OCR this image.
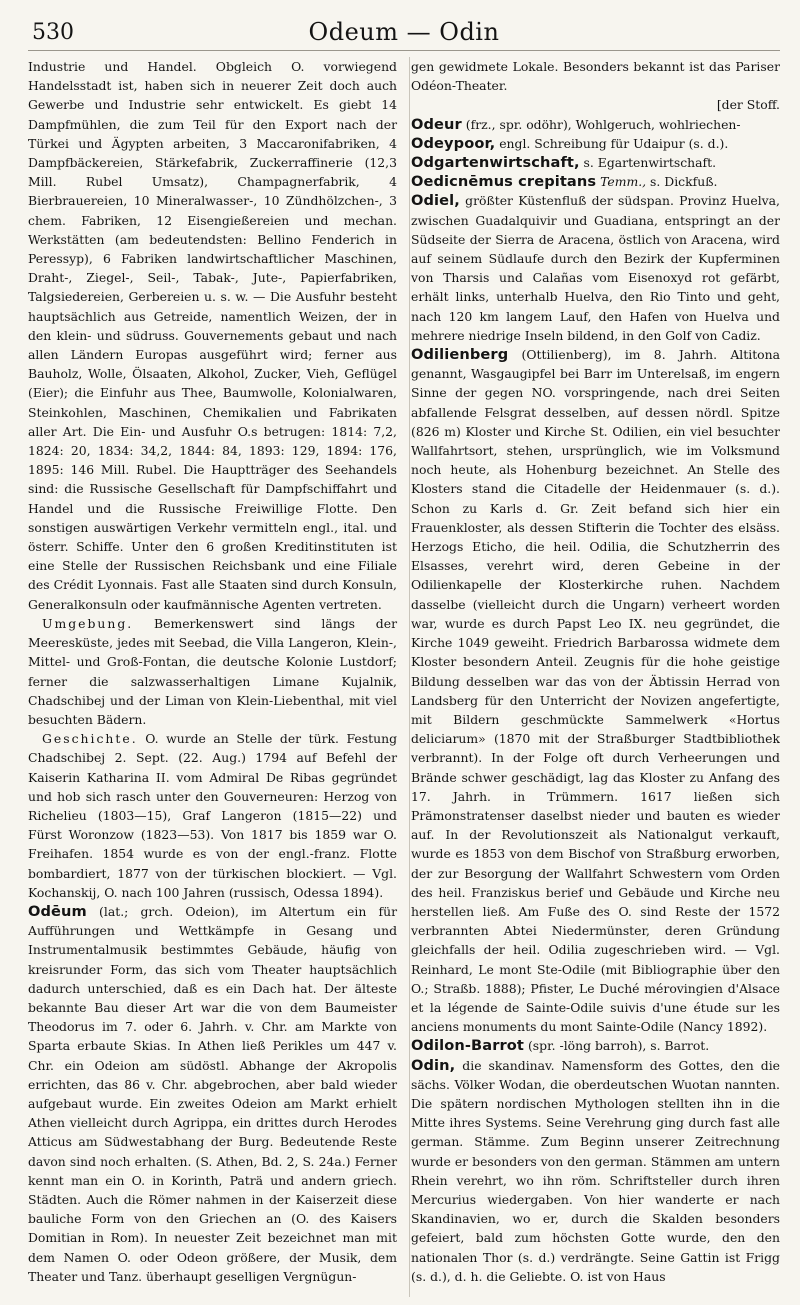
530	Odeum — Odin

Industrie und Handel. Obgleich O. vorwiegend Handelsstadt ist, haben sich in neuerer Zeit doch auch Gewerbe und Industrie sehr entwickelt. Es giebt 14 Dampfmühlen, die zum Teil für den Export nach der Türkei und Ägypten arbeiten, 3 Maccaronifabriken, 4 Dampfbäckereien, Stärkefabrik, Zuckerraffinerie (12,3 Mill. Rubel Umsatz), Champagnerfabrik, 4 Bierbrauereien, 10 Mineralwasser-, 10 Zündhölzchen-, 3 chem. Fabriken, 12 Eisengießereien und mechan. Werkstätten (am bedeutendsten: Bellino Fenderich in Peressyp), 6 Fabriken landwirtschaftlicher Maschinen, Draht-, Ziegel-, Seil-, Tabak-, Jute-, Papierfabriken, Talgsiedereien, Gerbereien u. s. w. — Die Ausfuhr besteht hauptsächlich aus Getreide, namentlich Weizen, der in den klein- und südruss. Gouvernements gebaut und nach allen Ländern Europas ausgeführt wird; ferner aus Bauholz, Wolle, Ölsaaten, Alkohol, Zucker, Vieh, Geflügel (Eier); die Einfuhr aus Thee, Baumwolle, Kolonialwaren, Steinkohlen, Maschinen, Chemikalien und Fabrikaten aller Art. Die Ein- und Ausfuhr O.s betrugen: 1814: 7,2, 1824: 20, 1834: 34,2, 1844: 84, 1893: 129, 1894: 176, 1895: 146 Mill. Rubel. Die Hauptträger des Seehandels sind: die Russische Gesellschaft für Dampfschiffahrt und Handel und die Russische Freiwillige Flotte. Den sonstigen auswärtigen Verkehr vermitteln engl., ital. und österr. Schiffe. Unter den 6 großen Kreditinstituten ist eine Stelle der Russischen Reichsbank und eine Filiale des Crédit Lyonnais. Fast alle Staaten sind durch Konsuln, Generalkonsuln oder kaufmännische Agenten vertreten.

Umgebung. Bemerkenswert sind längs der Meeresküste, jedes mit Seebad, die Villa Langeron, Klein-, Mittel- und Groß-Fontan, die deutsche Kolonie Lustdorf; ferner die salzwasserhaltigen Limane Kujalnik, Chadschibej und der Liman von Klein-Liebenthal, mit viel besuchten Bädern.

Geschichte. O. wurde an Stelle der türk. Festung Chadschibej 2. Sept. (22. Aug.) 1794 auf Befehl der Kaiserin Katharina II. vom Admiral De Ribas gegründet und hob sich rasch unter den Gouverneuren: Herzog von Richelieu (1803—15), Graf Langeron (1815—22) und Fürst Woronzow (1823—53). Von 1817 bis 1859 war O. Freihafen. 1854 wurde es von der engl.-franz. Flotte bombardiert, 1877 von der türkischen blockiert. — Vgl. Kochanskij, O. nach 100 Jahren (russisch, Odessa 1894).

Odēum (lat.; grch. Odeion), im Altertum ein für Aufführungen und Wettkämpfe in Gesang und Instrumentalmusik bestimmtes Gebäude, häufig von kreisrunder Form, das sich vom Theater hauptsächlich dadurch unterschied, daß es ein Dach hat. Der älteste bekannte Bau dieser Art war die von dem Baumeister Theodorus im 7. oder 6. Jahrh. v. Chr. am Markte von Sparta erbaute Skias. In Athen ließ Perikles um 447 v. Chr. ein Odeion am südöstl. Abhange der Akropolis errichten, das 86 v. Chr. abgebrochen, aber bald wieder aufgebaut wurde. Ein zweites Odeion am Markt erhielt Athen vielleicht durch Agrippa, ein drittes durch Herodes Atticus am Südwestabhang der Burg. Bedeutende Reste davon sind noch erhalten. (S. Athen, Bd. 2, S. 24a.) Ferner kennt man ein O. in Korinth, Paträ und andern griech. Städten. Auch die Römer nahmen in der Kaiserzeit diese bauliche Form von den Griechen an (O. des Kaisers Domitian in Rom). In neuester Zeit bezeichnet man mit dem Namen O. oder Odeon größere, der Musik, dem Theater und Tanz. überhaupt geselligen Vergnügun-

gen gewidmete Lokale. Besonders bekannt ist das Pariser Odéon-Theater.
[der Stoff.

Odeur (frz., spr. odöhr), Wohlgeruch, wohlriechen-

Odeypoor, engl. Schreibung für Udaipur (s. d.).

Odgartenwirtschaft, s. Egartenwirtschaft.

Oedicnēmus crepitans Temm., s. Dickfuß.

Odiel, größter Küstenfluß der südspan. Provinz Huelva, zwischen Guadalquivir und Guadiana, entspringt an der Südseite der Sierra de Aracena, östlich von Aracena, wird auf seinem Südlaufe durch den Bezirk der Kupferminen von Tharsis und Calañas vom Eisenoxyd rot gefärbt, erhält links, unterhalb Huelva, den Rio Tinto und geht, nach 120 km langem Lauf, den Hafen von Huelva und mehrere niedrige Inseln bildend, in den Golf von Cadiz.

Odilienberg (Ottilienberg), im 8. Jahrh. Altitona genannt, Wasgaugipfel bei Barr im Unterelsaß, im engern Sinne der gegen NO. vorspringende, nach drei Seiten abfallende Felsgrat desselben, auf dessen nördl. Spitze (826 m) Kloster und Kirche St. Odilien, ein viel besuchter Wallfahrtsort, stehen, ursprünglich, wie im Volksmund noch heute, als Hohenburg bezeichnet. An Stelle des Klosters stand die Citadelle der Heidenmauer (s. d.). Schon zu Karls d. Gr. Zeit befand sich hier ein Frauenkloster, als dessen Stifterin die Tochter des elsäss. Herzogs Eticho, die heil. Odilia, die Schutzherrin des Elsasses, verehrt wird, deren Gebeine in der Odilienkapelle der Klosterkirche ruhen. Nachdem dasselbe (vielleicht durch die Ungarn) verheert worden war, wurde es durch Papst Leo IX. neu gegründet, die Kirche 1049 geweiht. Friedrich Barbarossa widmete dem Kloster besondern Anteil. Zeugnis für die hohe geistige Bildung desselben war das von der Äbtissin Herrad von Landsberg für den Unterricht der Novizen angefertigte, mit Bildern geschmückte Sammelwerk «Hortus deliciarum» (1870 mit der Straßburger Stadtbibliothek verbrannt). In der Folge oft durch Verheerungen und Brände schwer geschädigt, lag das Kloster zu Anfang des 17. Jahrh. in Trümmern. 1617 ließen sich Prämonstratenser daselbst nieder und bauten es wieder auf. In der Revolutionszeit als Nationalgut verkauft, wurde es 1853 von dem Bischof von Straßburg erworben, der zur Besorgung der Wallfahrt Schwestern vom Orden des heil. Franziskus berief und Gebäude und Kirche neu herstellen ließ. Am Fuße des O. sind Reste der 1572 verbrannten Abtei Niedermünster, deren Gründung gleichfalls der heil. Odilia zugeschrieben wird. — Vgl. Reinhard, Le mont Ste-Odile (mit Bibliographie über den O.; Straßb. 1888); Pfister, Le Duché mérovingien d'Alsace et la légende de Sainte-Odile suivis d'une étude sur les anciens monuments du mont Sainte-Odile (Nancy 1892).

Odilon-Barrot (spr. -löng barroh), s. Barrot.

Odin, die skandinav. Namensform des Gottes, den die sächs. Völker Wodan, die oberdeutschen Wuotan nannten. Die spätern nordischen Mythologen stellten ihn in die Mitte ihres Systems. Seine Verehrung ging durch fast alle german. Stämme. Zum Beginn unserer Zeitrechnung wurde er besonders von den german. Stämmen am untern Rhein verehrt, wo ihn röm. Schriftsteller durch ihren Mercurius wiedergaben. Von hier wanderte er nach Skandinavien, wo er, durch die Skalden besonders gefeiert, bald zum höchsten Gotte wurde, den den nationalen Thor (s. d.) verdrängte. Seine Gattin ist Frigg (s. d.), d. h. die Geliebte. O. ist von Haus
